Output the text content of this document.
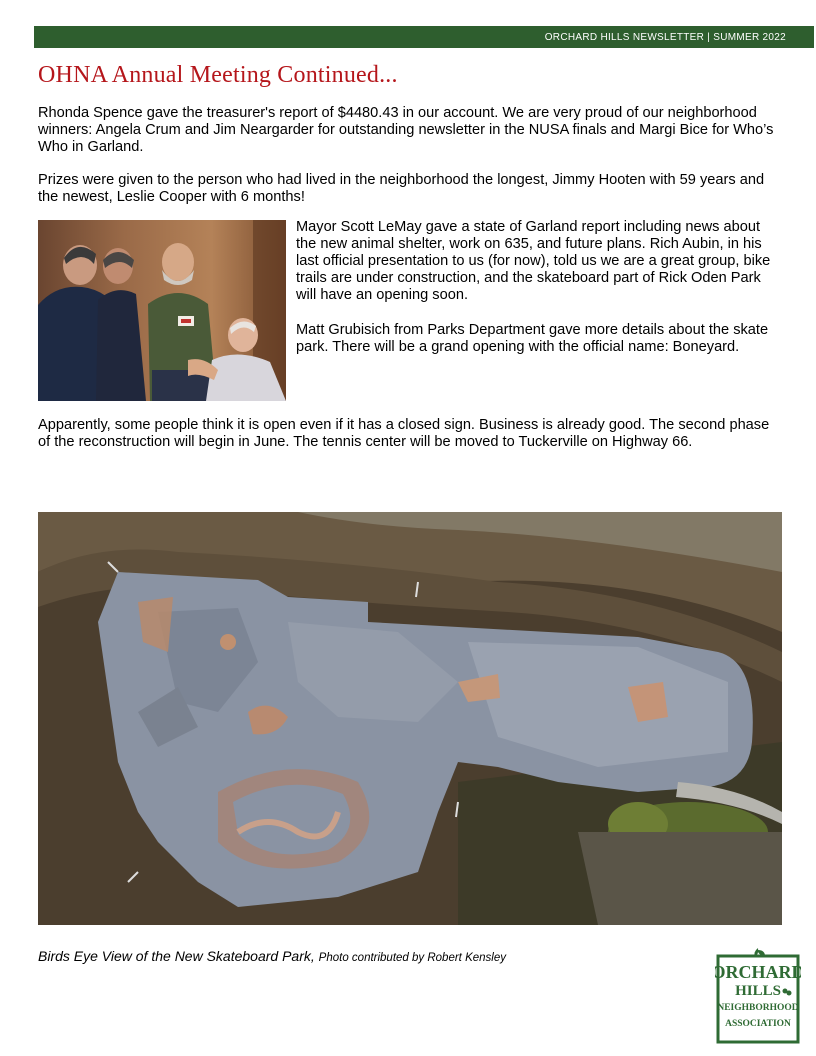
ORCHARD HILLS NEWSLETTER | SUMMER 2022
OHNA Annual Meeting Continued...

Rhonda Spence gave the treasurer's report of $4480.43 in our account. We are very proud of our neighborhood winners: Angela Crum and Jim Neargarder for outstanding newsletter in the NUSA finals and Margi Bice for Who’s Who in Garland.

Prizes were given to the person who had lived in the neighborhood the longest, Jimmy Hooten with 59 years and the newest, Leslie Cooper with 6 months!

Mayor Scott LeMay gave a state of Garland report including news about the new animal shelter, work on 635, and future plans. Rich Aubin, in his last official presentation to us (for now), told us we are a great group, bike trails are under construction, and the skateboard part of Rick Oden Park will have an opening soon.

Matt Grubisich from Parks Department gave more details about the skate park. There will be a grand opening with the official name: Boneyard.

Apparently, some people think it is open even if it has a closed sign. Business is already good. The second phase of the reconstruction will begin in June. The tennis center will be moved to Tuckerville on Highway 66.

Birds Eye View of the New Skateboard Park, Photo contributed by Robert Kensley

ORCHARD
HILLS
NEIGHBORHOOD
ASSOCIATION
